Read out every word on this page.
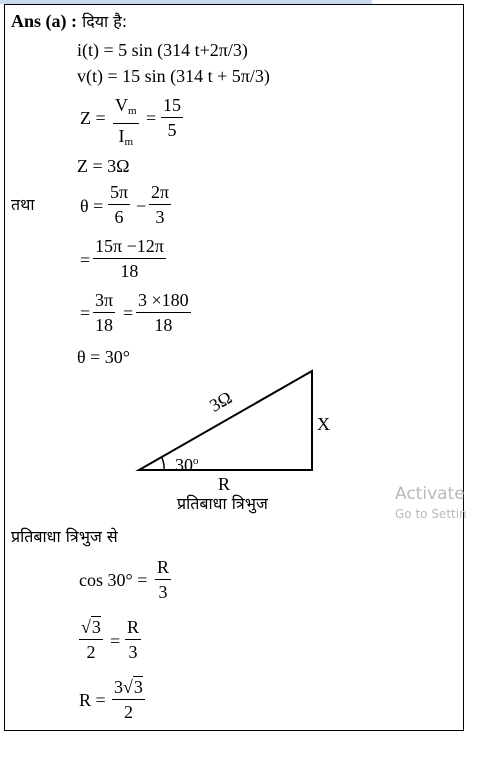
Ans (a) : दिया है:
i(t) = 5 sin (314 t+2π/3)
v(t) = 15 sin (314 t + 5π/3)
$Z = \frac{V_m}{I_m} = \frac{15}{5}$
Z = 3Ω
तथा	$\theta = \frac{5\pi}{6} - \frac{2\pi}{3}$
= $\frac{15\pi -12\pi}{18}$
= $\frac{3\pi}{18} = \frac{3 \times 180}{18}$
θ = 30°
3Ω
X
R
30$^o$
प्रतिबाधा त्रिभुज
प्रतिबाधा त्रिभुज से
$\cos 30^\circ = \frac{R}{3}$
$\frac{√3}{2} = \frac{R}{3}$
$R = \frac{3√3}{2}$
Activate
Go to Settin
